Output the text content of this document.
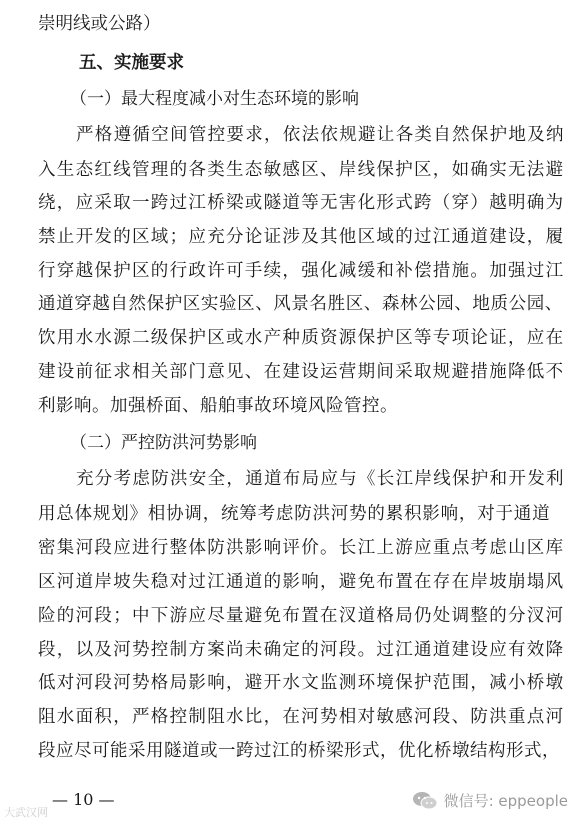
崇明线或公路）
五、实施要求
（一）最大程度减小对生态环境的影响
严格遵循空间管控要求，依法依规避让各类自然保护地及纳
入生态红线管理的各类生态敏感区、岸线保护区，如确实无法避
绕，应采取一跨过江桥梁或隧道等无害化形式跨（穿）越明确为
禁止开发的区域；应充分论证涉及其他区域的过江通道建设，履
行穿越保护区的行政许可手续，强化减缓和补偿措施。加强过江
通道穿越自然保护区实验区、风景名胜区、森林公园、地质公园、
饮用水水源二级保护区或水产种质资源保护区等专项论证，应在
建设前征求相关部门意见、在建设运营期间采取规避措施降低不
利影响。加强桥面、船舶事故环境风险管控。
（二）严控防洪河势影响
充分考虑防洪安全，通道布局应与《长江岸线保护和开发利
用总体规划》相协调，统筹考虑防洪河势的累积影响，对于通道
密集河段应进行整体防洪影响评价。长江上游应重点考虑山区库
区河道岸坡失稳对过江通道的影响，避免布置在存在岸坡崩塌风
险的河段；中下游应尽量避免布置在汊道格局仍处调整的分汊河
段，以及河势控制方案尚未确定的河段。过江通道建设应有效降
低对河段河势格局影响，避开水文监测环境保护范围，减小桥墩
阻水面积，严格控制阻水比，在河势相对敏感河段、防洪重点河
段应尽可能采用隧道或一跨过江的桥梁形式，优化桥墩结构形式，
— 10 —
大武汉网
微信号: eppeople
